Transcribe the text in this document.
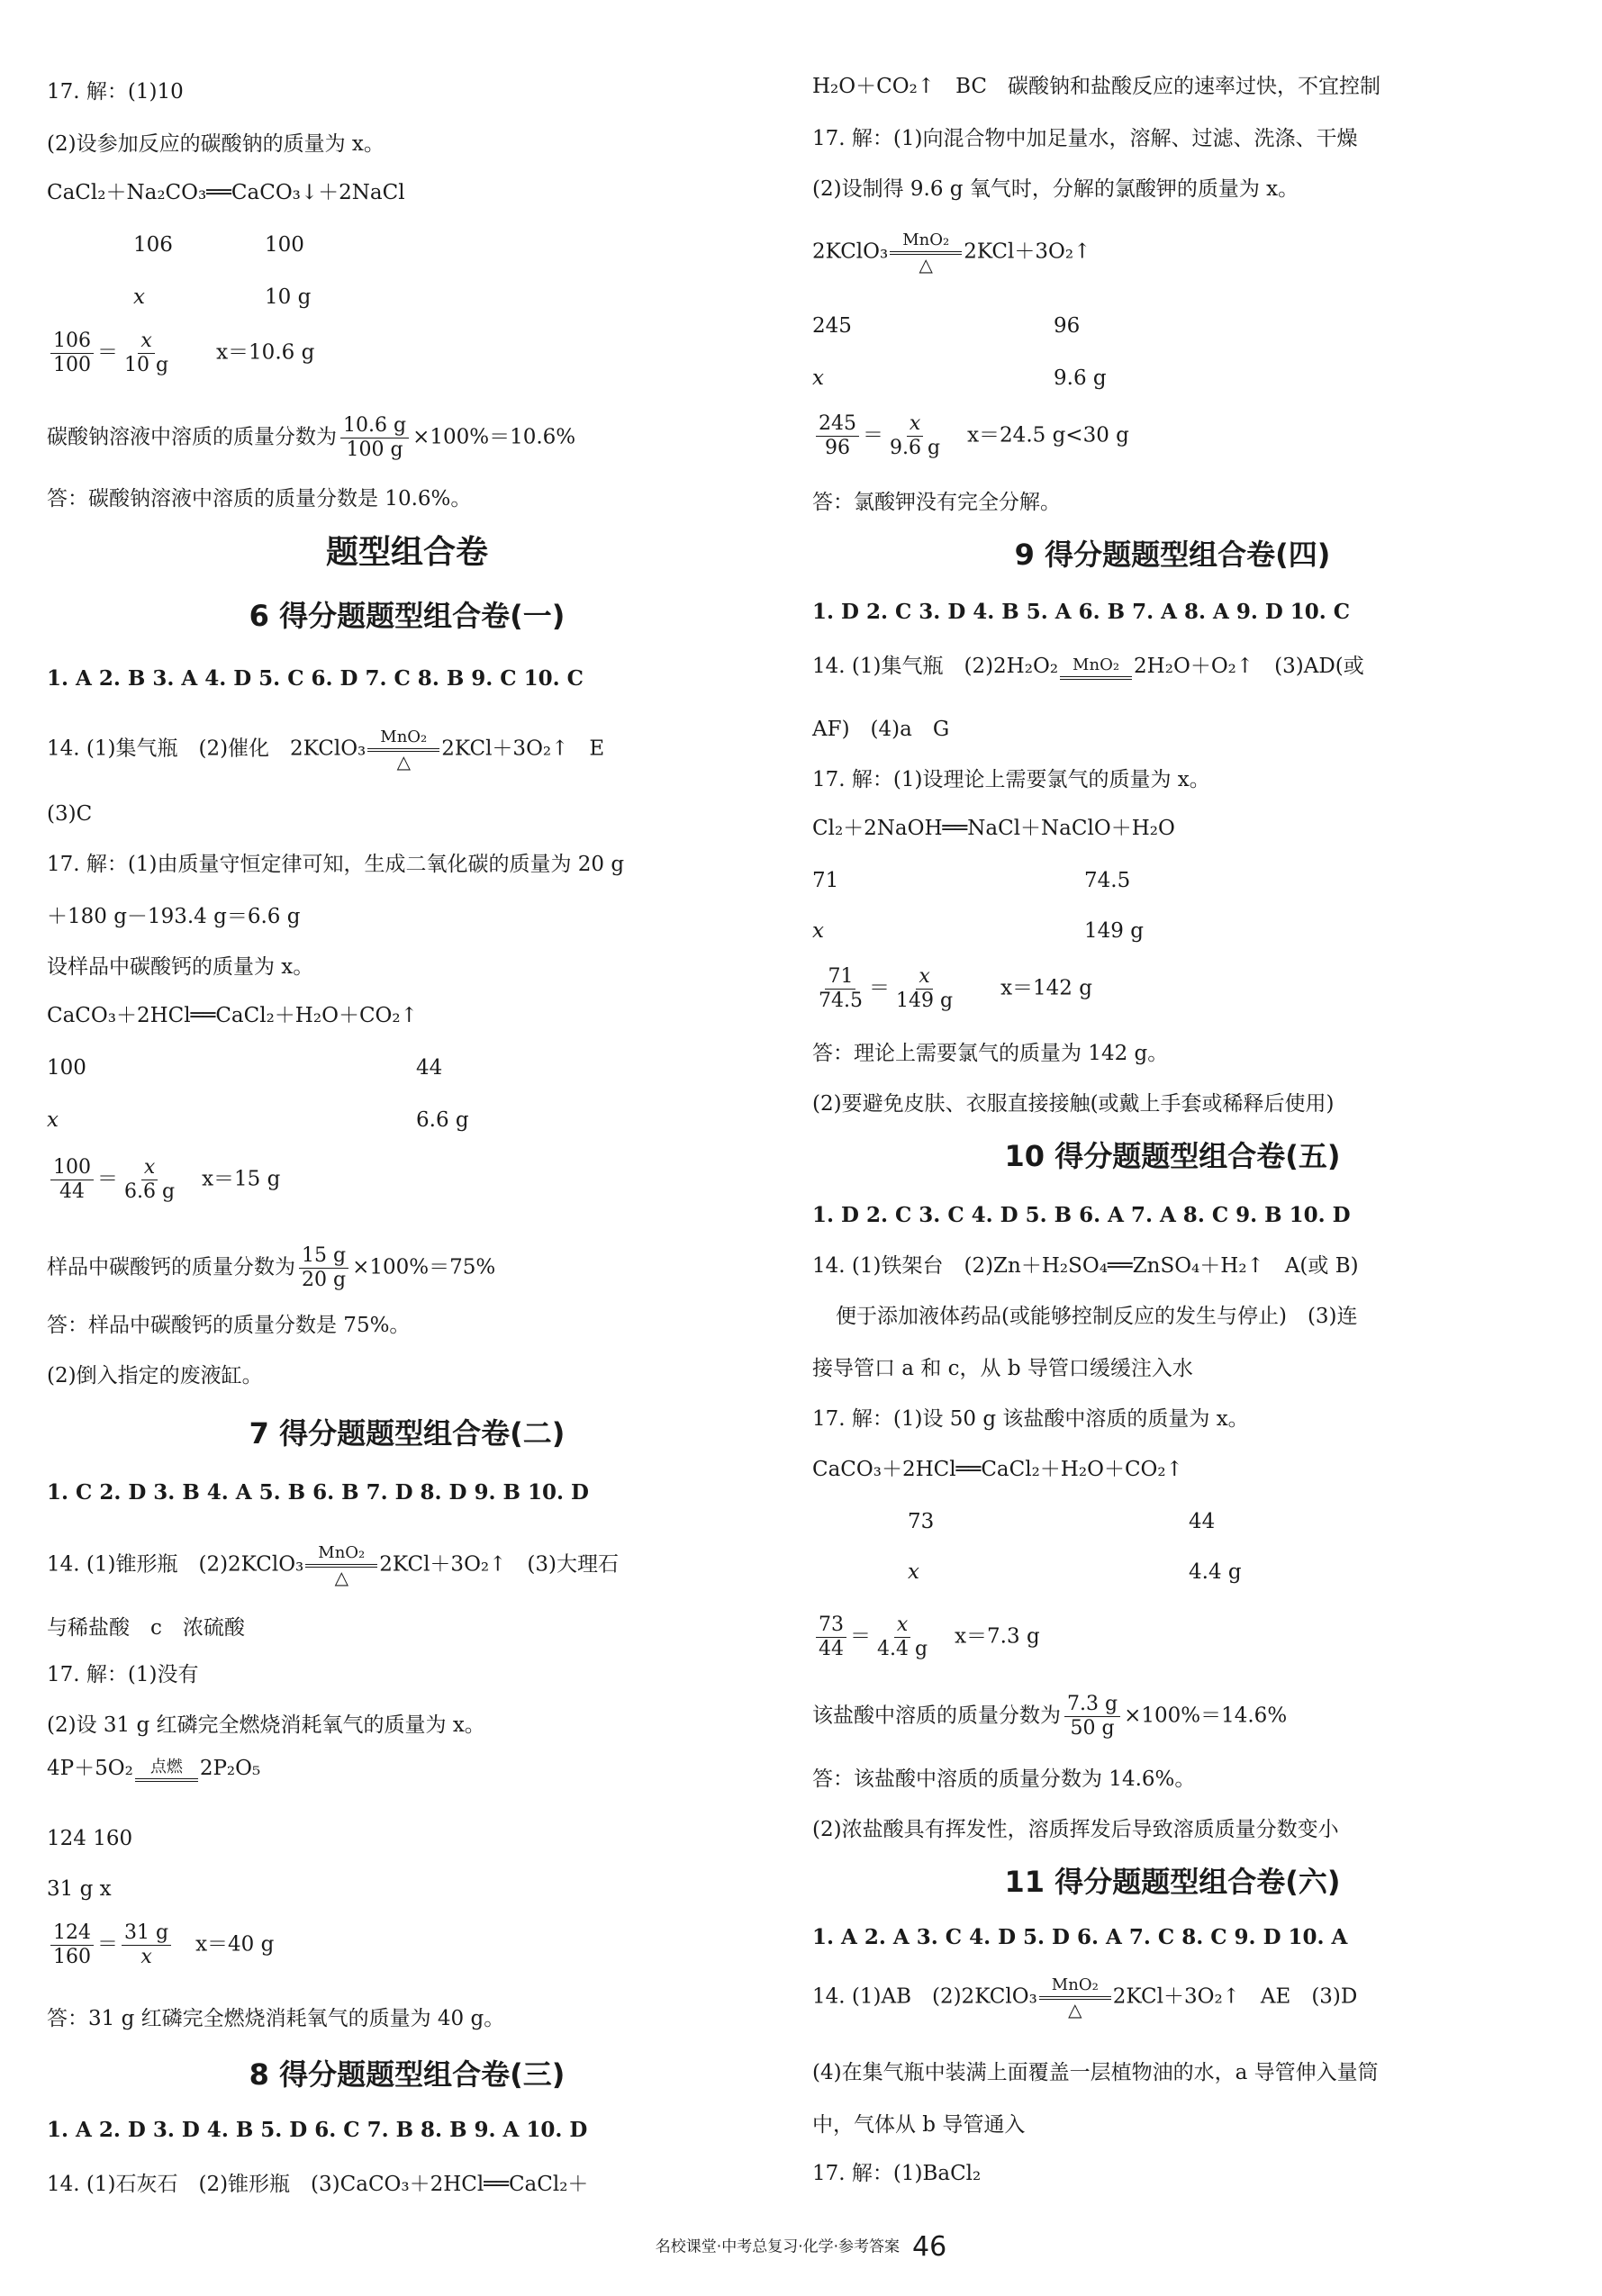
17. 解：(1)10
(2)设参加反应的碳酸钠的质量为 x。
CaCl₂＋Na₂CO₃══CaCO₃↓＋2NaCl
106	100
x	10 g
$\frac{106}{100} = \frac{x}{10 g}$
　　 x＝10.6 g
碳酸钠溶液中溶质的质量分数为 $\frac{10.6 g}{100 g} \times 100\%=10.6\%$
答：碳酸钠溶液中溶质的质量分数是 10.6%。
题型组合卷
6 得分题题型组合卷(一)
1. A 2. B 3. A 4. D 5. C 6. D 7. C 8. B 9. C 10. C
14. (1)集气瓶　(2)催化　2KClO₃ MnO₂
△
2KCl＋3O₂↑　E
(3)C
17. 解：(1)由质量守恒定律可知，生成二氧化碳的质量为 20 g
＋180 g－193.4 g＝6.6 g
设样品中碳酸钙的质量为 x。
CaCO₃＋2HCl══CaCl₂＋H₂O＋CO₂↑
100	44
x	6.6 g
$\frac{100}{44} = \frac{x}{6.6 g}$
　 x＝15 g
样品中碳酸钙的质量分数为 $\frac{15 g}{20 g} \times 100\%=75\%$
答：样品中碳酸钙的质量分数是 75%。
(2)倒入指定的废液缸。
7 得分题题型组合卷(二)
1. C 2. D 3. B 4. A 5. B 6. B 7. D 8. D 9. B 10. D
14. (1)锥形瓶　(2)2KClO₃ MnO₂
△
2KCl＋3O₂↑　(3)大理石
与稀盐酸　c　浓硫酸
17. 解：(1)没有
(2)设 31 g 红磷完全燃烧消耗氧气的质量为 x。
4P＋5O₂	点燃 2P₂O₅
124 160
31 g x
$\frac{124}{160} = \frac{31 g}{x}$
　 x＝40 g
答：31 g 红磷完全燃烧消耗氧气的质量为 40 g。
8 得分题题型组合卷(三)
1. A 2. D 3. D 4. B 5. D 6. C 7. B 8. B 9. A 10. D
14. (1)石灰石　(2)锥形瓶　(3)CaCO₃＋2HCl══CaCl₂＋
H₂O＋CO₂↑　BC　碳酸钠和盐酸反应的速率过快，不宜控制
17. 解：(1)向混合物中加足量水，溶解、过滤、洗涤、干燥
(2)设制得 9.6 g 氧气时，分解的氯酸钾的质量为 x。
2KClO₃ MnO₂
△
2KCl＋3O₂↑
245	96
x	9.6 g
$\frac{245}{96} = \frac{x}{9.6 g}$
　 x＝24.5 g<30 g
答：氯酸钾没有完全分解。
9 得分题题型组合卷(四)
1. D 2. C 3. D 4. B 5. A 6. B 7. A 8. A 9. D 10. C
14. (1)集气瓶　(2)2H₂O₂ MnO₂ 2H₂O＋O₂↑　(3)AD(或
AF)　(4)a　G
17. 解：(1)设理论上需要氯气的质量为 x。
Cl₂＋2NaOH══NaCl＋NaClO＋H₂O
71	74.5
x	149 g
$\frac{71}{74.5} = \frac{x}{149 g}$
　　 x＝142 g
答：理论上需要氯气的质量为 142 g。
(2)要避免皮肤、衣服直接接触(或戴上手套或稀释后使用)
10 得分题题型组合卷(五)
1. D 2. C 3. C 4. D 5. B 6. A 7. A 8. C 9. B 10. D
14. (1)铁架台　(2)Zn＋H₂SO₄══ZnSO₄＋H₂↑　A(或 B)
便于添加液体药品(或能够控制反应的发生与停止)　(3)连
接导管口 a 和 c，从 b 导管口缓缓注入水
17. 解：(1)设 50 g 该盐酸中溶质的质量为 x。
CaCO₃＋2HCl══CaCl₂＋H₂O＋CO₂↑
73	44
x	4.4 g
$\frac{73}{44} = \frac{x}{4.4 g}$
　 x＝7.3 g
该盐酸中溶质的质量分数为 $\frac{7.3 g}{50 g} \times 100\%=14.6\%$
答：该盐酸中溶质的质量分数为 14.6%。
(2)浓盐酸具有挥发性，溶质挥发后导致溶质质量分数变小
11 得分题题型组合卷(六)
1. A 2. A 3. C 4. D 5. D 6. A 7. C 8. C 9. D 10. A
14. (1)AB　(2)2KClO₃ MnO₂
△
2KCl＋3O₂↑　AE　(3)D
(4)在集气瓶中装满上面覆盖一层植物油的水，a 导管伸入量筒
中，气体从 b 导管通入
17. 解：(1)BaCl₂
名校课堂·中考总复习·化学·参考答案 46
